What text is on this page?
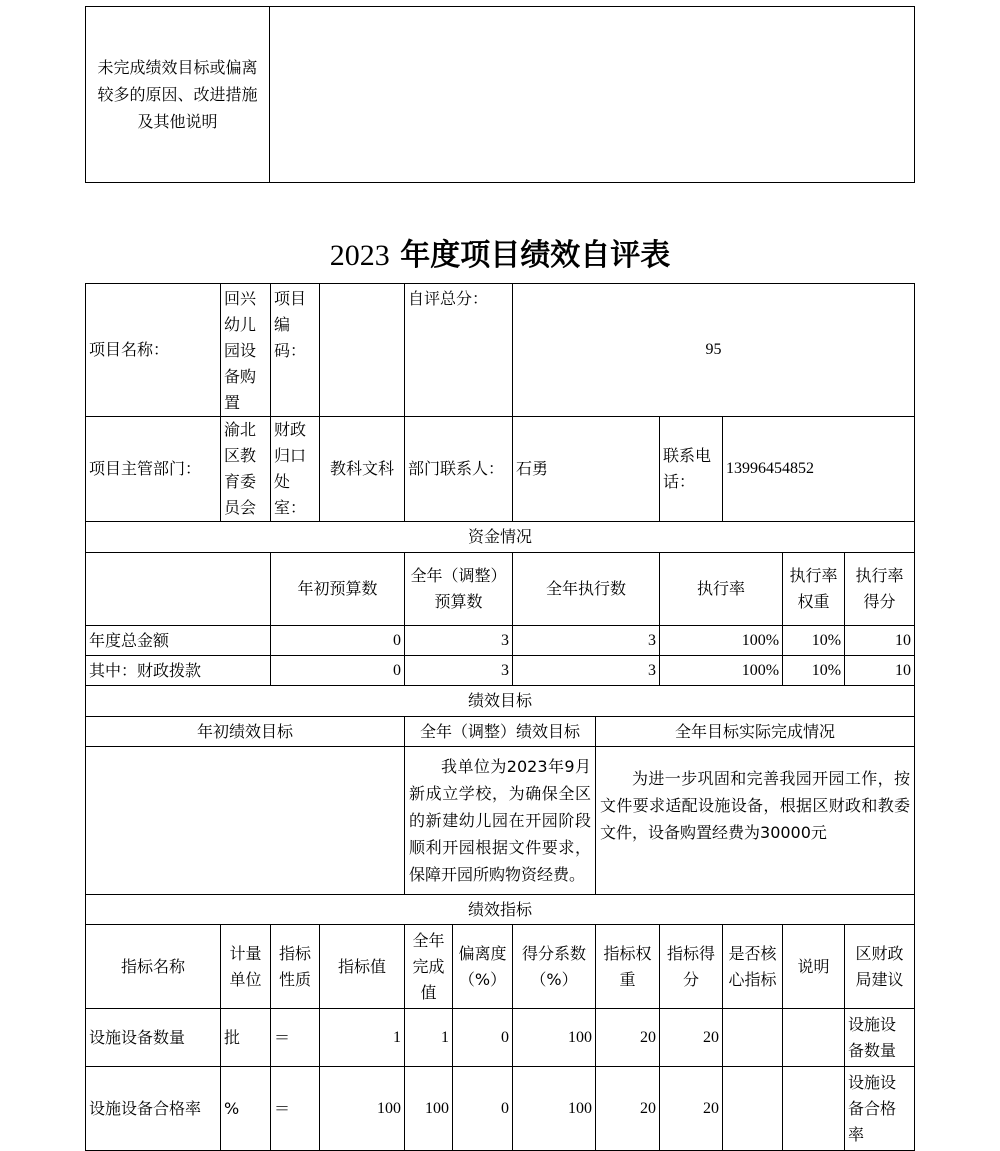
未完成绩效目标或偏离较多的原因、改进措施及其他说明	
2023 年度项目绩效自评表
项目名称：	回兴幼儿园设备购置	项目编码：		自评总分：		95					
项目主管部门：	渝北区教育委员会	财政归口处室：	教科文科	部门联系人：		石勇		联系电话：	13996454852		
资金情况											
		年初预算数		全年（调整）预算数		全年执行数		执行率		执行率权重	执行率得分
年度总金额		0		3		3		100%		10%	10
其中：财政拨款		0		3		3		100%		10%	10
绩效目标											
年初绩效目标				全年（调整）绩效目标			全年目标实际完成情况				
				我单位为2023年9月新成立学校，为确保全区的新建幼儿园在开园阶段顺利开园根据文件要求，保障开园所购物资经费。			为进一步巩固和完善我园开园工作，按文件要求适配设施设备，根据区财政和教委文件，设备购置经费为30000元				
绩效指标											
指标名称	计量单位	指标性质	指标值	全年完成值	偏离度（%）	得分系数（%）	指标权重	指标得分	是否核心指标	说明	区财政局建议
设施设备数量	批	＝	1	1	0	100	20	20			设施设备数量
设施设备合格率	%	＝	100	100	0	100	20	20			设施设备合格率
